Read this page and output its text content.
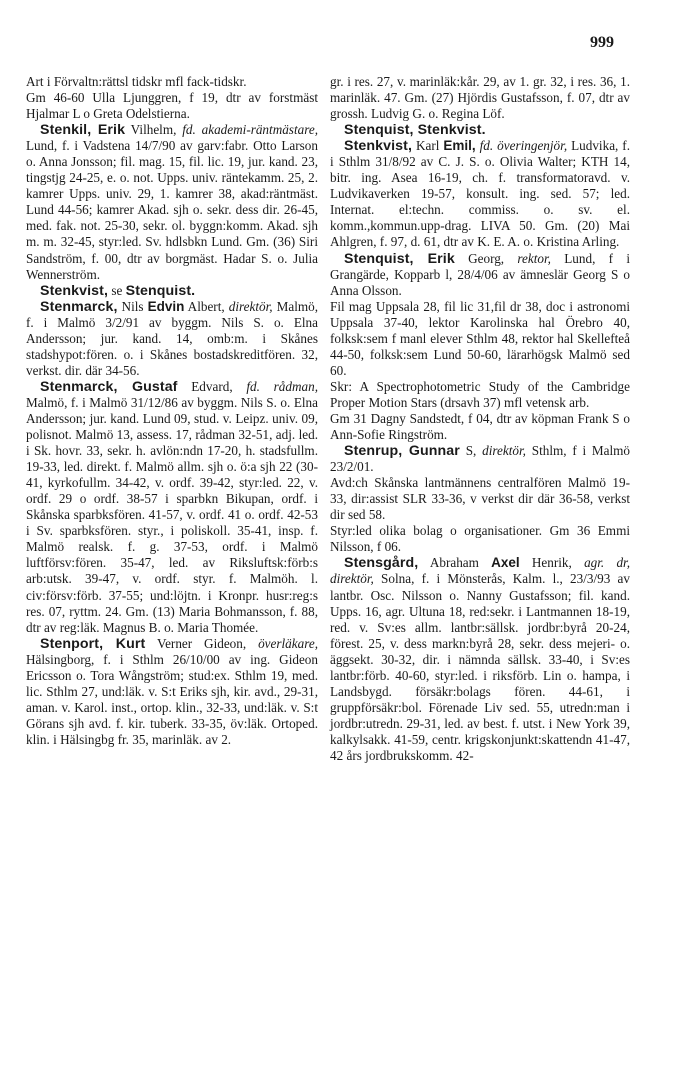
999

Art i Förvaltn:rättsl tidskr mfl fack-tidskr.

Gm 46-60 Ulla Ljunggren, f 19, dtr av forstmäst Hjalmar L o Greta Odelstierna.

Stenkil, Erik Vilhelm, fd. akademi-räntmästare, Lund, f. i Vadstena 14/7/90 av garv:fabr. Otto Larson o. Anna Jonsson; fil. mag. 15, fil. lic. 19, jur. kand. 23, tingstjg 24-25, e. o. not. Upps. univ. räntekamm. 25, 2. kamrer Upps. univ. 29, 1. kamrer 38, akad:räntmäst. Lund 44-56; kamrer Akad. sjh o. sekr. dess dir. 26-45, med. fak. not. 25-30, sekr. ol. byggn:komm. Akad. sjh m. m. 32-45, styr:led. Sv. hdlsbkn Lund. Gm. (36) Siri Sandström, f. 00, dtr av borgmäst. Hadar S. o. Julia Wennerström.

Stenkvist, se Stenquist.

Stenmarck, Nils Edvin Albert, direktör, Malmö, f. i Malmö 3/2/91 av byggm. Nils S. o. Elna Andersson; jur. kand. 14, omb:m. i Skånes stadshypot:fören. o. i Skånes bostadskreditfören. 32, verkst. dir. där 34-56.

Stenmarck, Gustaf Edvard, fd. rådman, Malmö, f. i Malmö 31/12/86 av byggm. Nils S. o. Elna Andersson; jur. kand. Lund 09, stud. v. Leipz. univ. 09, polisnot. Malmö 13, assess. 17, rådman 32-51, adj. led. i Sk. hovr. 33, sekr. h. avlön:ndn 17-20, h. stadsfullm. 19-33, led. direkt. f. Malmö allm. sjh o. ö:a sjh 22 (30-41, kyrkofullm. 34-42, v. ordf. 39-42, styr:led. 22, v. ordf. 29 o ordf. 38-57 i sparbkn Bikupan, ordf. i Skånska sparbksfören. 41-57, v. ordf. 41 o. ordf. 42-53 i Sv. sparbksfören. styr., i poliskoll. 35-41, insp. f. Malmö realsk. f. g. 37-53, ordf. i Malmö luftförsv:fören. 35-47, led. av Riksluftsk:förb:s arb:utsk. 39-47, v. ordf. styr. f. Malmöh. l. civ:försv:förb. 37-55; und:löjtn. i Kronpr. husr:reg:s res. 07, ryttm. 24. Gm. (13) Maria Bohmansson, f. 88, dtr av reg:läk. Magnus B. o. Maria Thomée.

Stenport, Kurt Verner Gideon, överläkare, Hälsingborg, f. i Sthlm 26/10/00 av ing. Gideon Ericsson o. Tora Wångström; stud:ex. Sthlm 19, med. lic. Sthlm 27, und:läk. v. S:t Eriks sjh, kir. avd., 29-31, aman. v. Karol. inst., ortop. klin., 32-33, und:läk. v. S:t Görans sjh avd. f. kir. tuberk. 33-35, öv:läk. Ortoped. klin. i Hälsingbg fr. 35, marinläk. av 2.

gr. i res. 27, v. marinläk:kår. 29, av 1. gr. 32, i res. 36, 1. marinläk. 47. Gm. (27) Hjördis Gustafsson, f. 07, dtr av grossh. Ludvig G. o. Regina Löf.

Stenquist, Stenkvist.

Stenkvist, Karl Emil, fd. överingenjör, Ludvika, f. i Sthlm 31/8/92 av C. J. S. o. Olivia Walter; KTH 14, bitr. ing. Asea 16-19, ch. f. transformatoravd. v. Ludvikaverken 19-57, konsult. ing. sed. 57; led. Internat. el:techn. commiss. o. sv. el. komm.,kommun.upp-drag. LIVA 50. Gm. (20) Mai Ahlgren, f. 97, d. 61, dtr av K. E. A. o. Kristina Arling.

Stenquist, Erik Georg, rektor, Lund, f i Grangärde, Kopparb l, 28/4/06 av ämneslär Georg S o Anna Olsson.

Fil mag Uppsala 28, fil lic 31,fil dr 38, doc i astronomi Uppsala 37-40, lektor Karolinska hal Örebro 40, folksk:sem f manl elever Sthlm 48, rektor hal Skellefteå 44-50, folksk:sem Lund 50-60, lärarhögsk Malmö sed 60.

Skr: A Spectrophotometric Study of the Cambridge Proper Motion Stars (drsavh 37) mfl vetensk arb.

Gm 31 Dagny Sandstedt, f 04, dtr av köpman Frank S o Ann-Sofie Ringström.

Stenrup, Gunnar S, direktör, Sthlm, f i Malmö 23/2/01.

Avd:ch Skånska lantmännens centralfören Malmö 19-33, dir:assist SLR 33-36, v verkst dir där 36-58, verkst dir sed 58.

Styr:led olika bolag o organisationer. Gm 36 Emmi Nilsson, f 06.

Stensgård, Abraham Axel Henrik, agr. dr, direktör, Solna, f. i Mönsterås, Kalm. l., 23/3/93 av lantbr. Osc. Nilsson o. Nanny Gustafsson; fil. kand. Upps. 16, agr. Ultuna 18, red:sekr. i Lantmannen 18-19, red. v. Sv:es allm. lantbr:sällsk. jordbr:byrå 20-24, förest. 25, v. dess markn:byrå 28, sekr. dess mejeri- o. äggsekt. 30-32, dir. i nämnda sällsk. 33-40, i Sv:es lantbr:förb. 40-60, styr:led. i riksförb. Lin o. hampa, i Landsbygd. försäkr:bolags fören. 44-61, i gruppförsäkr:bol. Förenade Liv sed. 55, utredn:man i jordbr:utredn. 29-31, led. av best. f. utst. i New York 39, kalkylsakk. 41-59, centr. krigskonjunkt:skattendn 41-47, 42 års jordbrukskomm. 42-
